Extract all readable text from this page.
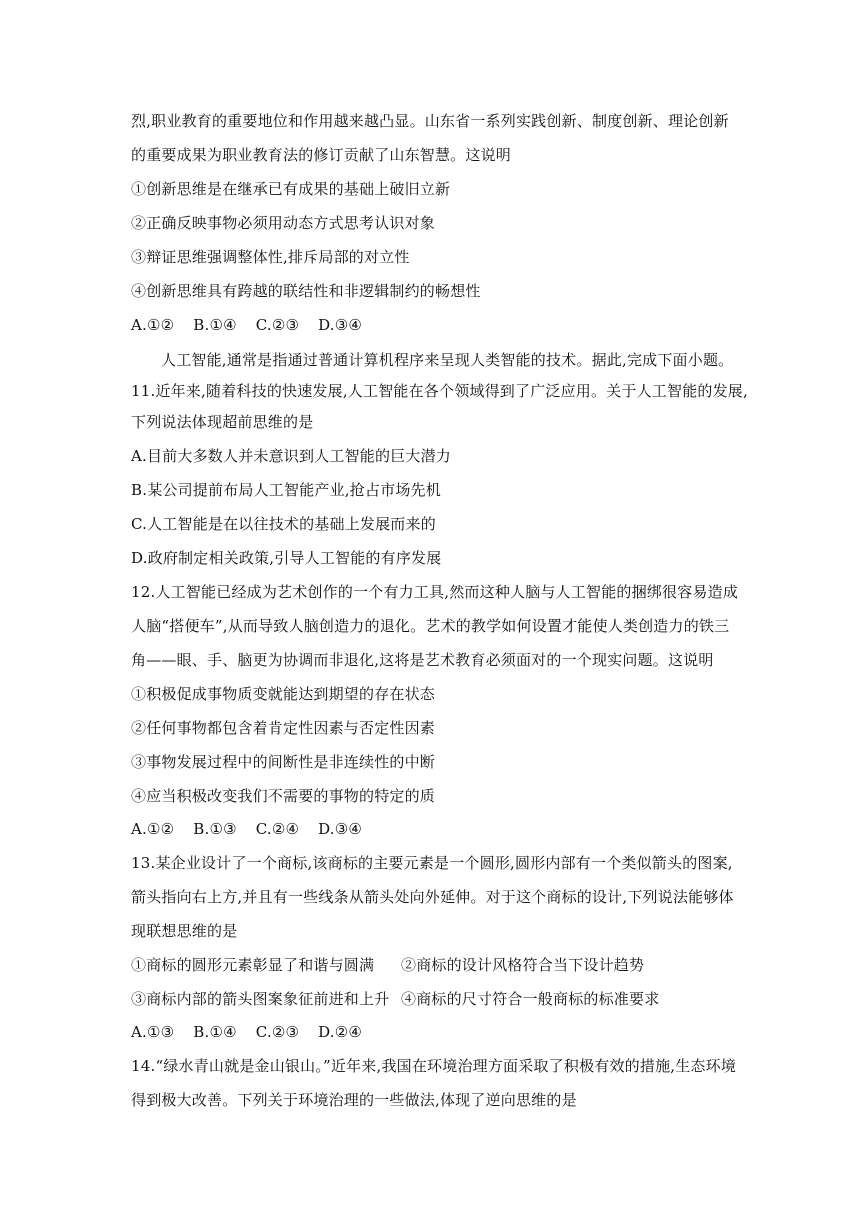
烈,职业教育的重要地位和作用越来越凸显。山东省一系列实践创新、制度创新、理论创新
的重要成果为职业教育法的修订贡献了山东智慧。这说明
①创新思维是在继承已有成果的基础上破旧立新
②正确反映事物必须用动态方式思考认识对象
③辩证思维强调整体性,排斥局部的对立性
④创新思维具有跨越的联结性和非逻辑制约的畅想性
A.①② B.①④ C.②③ D.③④
人工智能,通常是指通过普通计算机程序来呈现人类智能的技术。据此,完成下面小题。
11.近年来,随着科技的快速发展,人工智能在各个领域得到了广泛应用。关于人工智能的发展,
下列说法体现超前思维的是
A.目前大多数人并未意识到人工智能的巨大潜力
B.某公司提前布局人工智能产业,抢占市场先机
C.人工智能是在以往技术的基础上发展而来的
D.政府制定相关政策,引导人工智能的有序发展
12.人工智能已经成为艺术创作的一个有力工具,然而这种人脑与人工智能的捆绑很容易造成
人脑“搭便车”,从而导致人脑创造力的退化。艺术的教学如何设置才能使人类创造力的铁三
角——眼、手、脑更为协调而非退化,这将是艺术教育必须面对的一个现实问题。这说明
①积极促成事物质变就能达到期望的存在状态
②任何事物都包含着肯定性因素与否定性因素
③事物发展过程中的间断性是非连续性的中断
④应当积极改变我们不需要的事物的特定的质
A.①② B.①③ C.②④ D.③④
13.某企业设计了一个商标,该商标的主要元素是一个圆形,圆形内部有一个类似箭头的图案,
箭头指向右上方,并且有一些线条从箭头处向外延伸。对于这个商标的设计,下列说法能够体
现联想思维的是
①商标的圆形元素彰显了和谐与圆满 ②商标的设计风格符合当下设计趋势
③商标内部的箭头图案象征前进和上升 ④商标的尺寸符合一般商标的标准要求
A.①③ B.①④ C.②③ D.②④
14.“绿水青山就是金山银山。”近年来,我国在环境治理方面采取了积极有效的措施,生态环境
得到极大改善。下列关于环境治理的一些做法,体现了逆向思维的是
